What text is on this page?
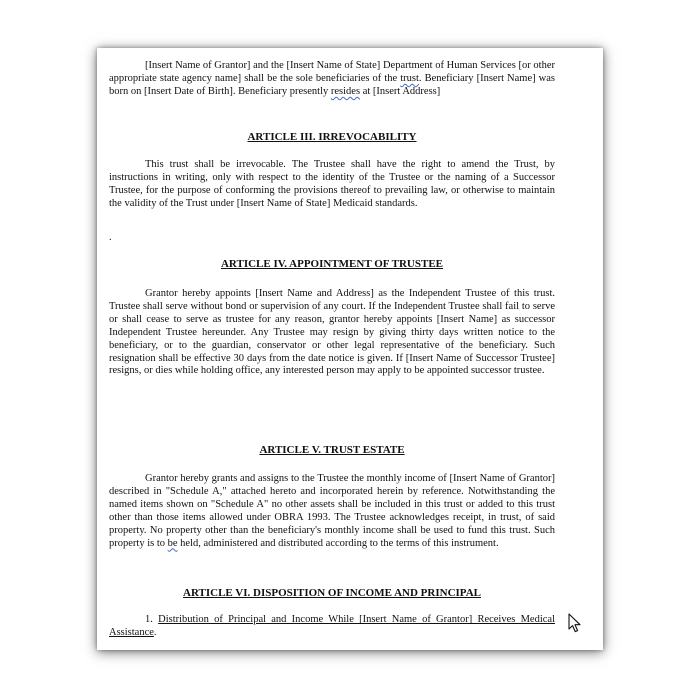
[Insert Name of Grantor] and the [Insert Name of State] Department of Human Services [or other appropriate state agency name] shall be the sole beneficiaries of the trust. Beneficiary [Insert Name] was born on [Insert Date of Birth]. Beneficiary presently resides at [Insert Address]

ARTICLE III. IRREVOCABILITY

This trust shall be irrevocable. The Trustee shall have the right to amend the Trust, by instructions in writing, only with respect to the identity of the Trustee or the naming of a Successor Trustee, for the purpose of conforming the provisions thereof to prevailing law, or otherwise to maintain the validity of the Trust under [Insert Name of State] Medicaid standards.

.
ARTICLE IV. APPOINTMENT OF TRUSTEE

Grantor hereby appoints [Insert Name and Address] as the Independent Trustee of this trust. Trustee shall serve without bond or supervision of any court. If the Independent Trustee shall fail to serve or shall cease to serve as trustee for any reason, grantor hereby appoints [Insert Name] as successor Independent Trustee hereunder. Any Trustee may resign by giving thirty days written notice to the beneficiary, or to the guardian, conservator or other legal representative of the beneficiary. Such resignation shall be effective 30 days from the date notice is given. If [Insert Name of Successor Trustee] resigns, or dies while holding office, any interested person may apply to be appointed successor trustee.

ARTICLE V. TRUST ESTATE

Grantor hereby grants and assigns to the Trustee the monthly income of [Insert Name of Grantor] described in "Schedule A," attached hereto and incorporated herein by reference. Notwithstanding the named items shown on "Schedule A" no other assets shall be included in this trust or added to this trust other than those items allowed under OBRA 1993. The Trustee acknowledges receipt, in trust, of said property. No property other than the beneficiary's monthly income shall be used to fund this trust. Such property is to be held, administered and distributed according to the terms of this instrument.

ARTICLE VI. DISPOSITION OF INCOME AND PRINCIPAL

1. Distribution of Principal and Income While [Insert Name of Grantor] Receives Medical Assistance.
